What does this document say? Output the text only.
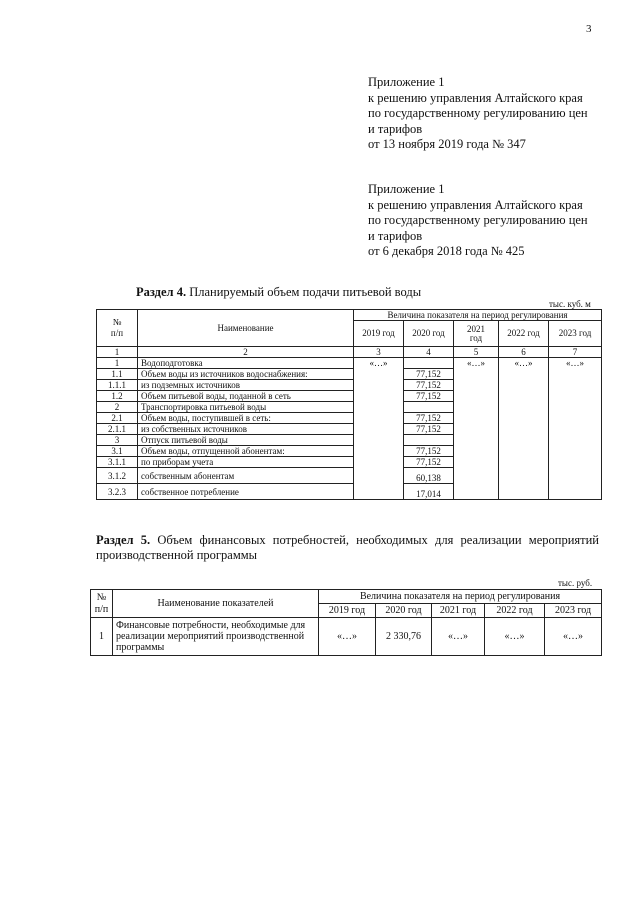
3
Приложение 1
к решению управления Алтайского края
по государственному регулированию цен
и тарифов
от 13 ноября 2019 года № 347
Приложение 1
к решению управления Алтайского края
по государственному регулированию цен
и тарифов
от 6 декабря 2018 года № 425
Раздел 4. Планируемый объем подачи питьевой воды
тыс. куб. м
№
п/п	Наименование	Величина показателя на период регулирования				
		2019 год	2020 год	2021
год	2022 год	2023 год
1	2	3	4	5	6	7
1	Водоподготовка	«…»		«…»	«…»	«…»
1.1	Объем воды из источников водоснабжения:		77,152			
1.1.1	из подземных источников		77,152			
1.2	Объем питьевой воды, поданной в сеть		77,152			
2	Транспортировка питьевой воды					
2.1	Объем воды, поступившей в сеть:		77,152			
2.1.1	из собственных источников		77,152			
3	Отпуск питьевой воды					
3.1	Объем воды, отпущенной абонентам:		77,152			
3.1.1	по приборам учета		77,152			
3.1.2	собственным абонентам		60,138			
3.2.3	собственное потребление		17,014			
Раздел 5. Объем финансовых потребностей, необходимых для реализации мероприятий производственной программы
тыс. руб.
№
п/п	Наименование показателей	Величина показателя на период регулирования				
		2019 год	2020 год	2021 год	2022 год	2023 год
1	Финансовые потребности, необходимые для реализации мероприятий производственной программы	«…»	2 330,76	«…»	«…»	«…»
